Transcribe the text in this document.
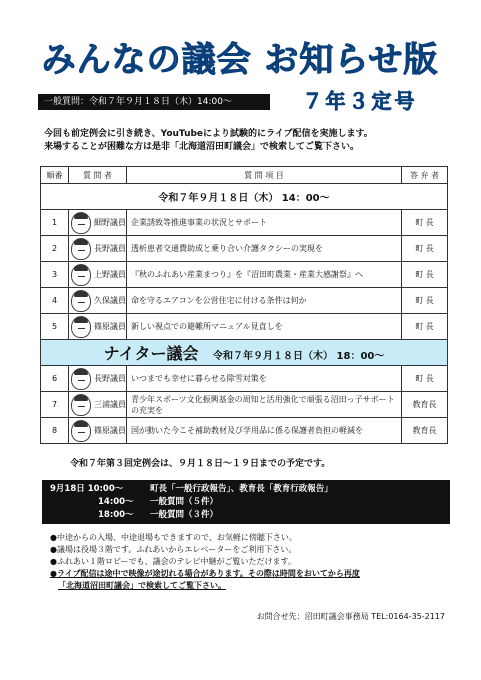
みんなの議会 お知らせ版
一般質問：令和７年９月１８日（木）14:00～	７年３定号
今回も前定例会に引き続き、YouTubeにより試験的にライブ配信を実施します。
来場することが困難な方は是非「北海道沼田町議会」で検索してご覧下さい。
順番	質 問 者	質 問 項 目	答 弁 者
令和７年９月１８日（木） 14：00～			
1	細野議員	企業誘致等推進事業の状況とサポート	町 長
2	長野議員	透析患者交通費助成と乗り合い介護タクシーの実現を	町 長
3	上野議員	『秋のふれあい産業まつり』を『沼田町農業・産業大感謝祭』へ	町 長
4	久保議員	命を守るエアコンを公営住宅に付ける条件は何か	町 長
5	篠原議員	新しい視点での避難所マニュアル見直しを	町 長
ナイター議会 令和７年９月１８日（木） 18：00～			
6	長野議員	いつまでも幸せに暮らせる除雪対策を	町 長
7	三浦議員	青少年スポーツ文化振興基金の周知と活用強化で頑張る沼田っ子サポートの充実を	教育長
8	篠原議員	国が動いた今こそ補助教材及び学用品に係る保護者負担の軽減を	教育長
令和７年第３回定例会は、９月１８日～１９日までの予定です。
9月18日 10:00～	町長「一般行政報告」、教育長「教育行政報告」
14:00～	一般質問（５件）
18:00～	一般質問（３件）
●中途からの入場、中途退場もできますので、お気軽に傍聴下さい。
●議場は役場３階です。ふれあいからエレベーターをご利用下さい。
●ふれあい１階ロビーでも、議会のテレビ中継がご覧いただけます。
●ライブ配信は途中で映像が途切れる場合があります。その際は時間をおいてから再度
「北海道沼田町議会」で検索してご覧下さい。
お問合せ先：沼田町議会事務局 TEL:0164-35-2117
